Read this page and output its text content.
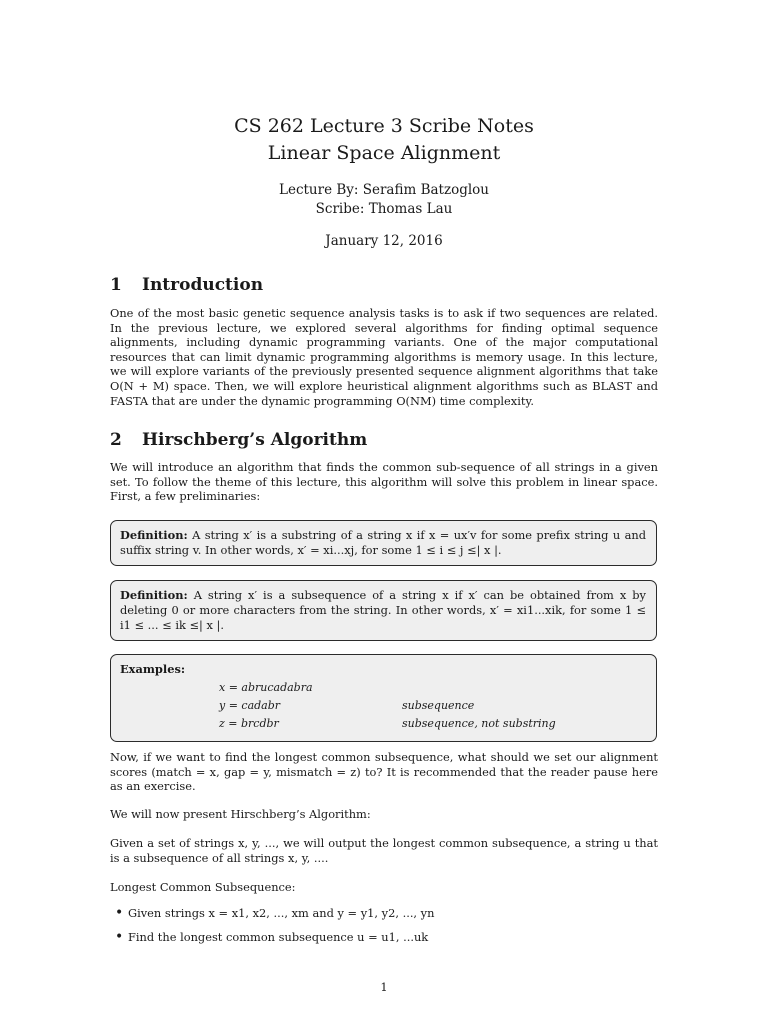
CS 262 Lecture 3 Scribe Notes
Linear Space Alignment
Lecture By: Serafim Batzoglou
Scribe: Thomas Lau
January 12, 2016
1 Introduction

One of the most basic genetic sequence analysis tasks is to ask if two sequences are related. In the previous lecture, we explored several algorithms for finding optimal sequence alignments, including dynamic programming variants. One of the major computational resources that can limit dynamic programming algorithms is memory usage. In this lecture, we will explore variants of the previously presented sequence alignment algorithms that take O(N + M) space. Then, we will explore heuristical alignment algorithms such as BLAST and FASTA that are under the dynamic programming O(NM) time complexity.

2 Hirschberg’s Algorithm

We will introduce an algorithm that finds the common sub-sequence of all strings in a given set. To follow the theme of this lecture, this algorithm will solve this problem in linear space. First, a few preliminaries:

Definition: A string x′ is a substring of a string x if x = ux′v for some prefix string u and suffix string v. In other words, x′ = xi...xj, for some 1 ≤ i ≤ j ≤| x |.
Definition: A string x′ is a subsequence of a string x if x′ can be obtained from x by deleting 0 or more characters from the string. In other words, x′ = xi1...xik, for some 1 ≤ i1 ≤ ... ≤ ik ≤| x |.
Examples:
x = abrucadabra
y = cadabr	subsequence
z = brcdbr	subsequence, not substring

Now, if we want to find the longest common subsequence, what should we set our alignment scores (match = x, gap = y, mismatch = z) to? It is recommended that the reader pause here as an exercise.

We will now present Hirschberg’s Algorithm:

Given a set of strings x, y, ..., we will output the longest common subsequence, a string u that is a subsequence of all strings x, y, ....

Longest Common Subsequence:

• Given strings x = x1, x2, ..., xm and y = y1, y2, ..., yn
• Find the longest common subsequence u = u1, ...uk
1
